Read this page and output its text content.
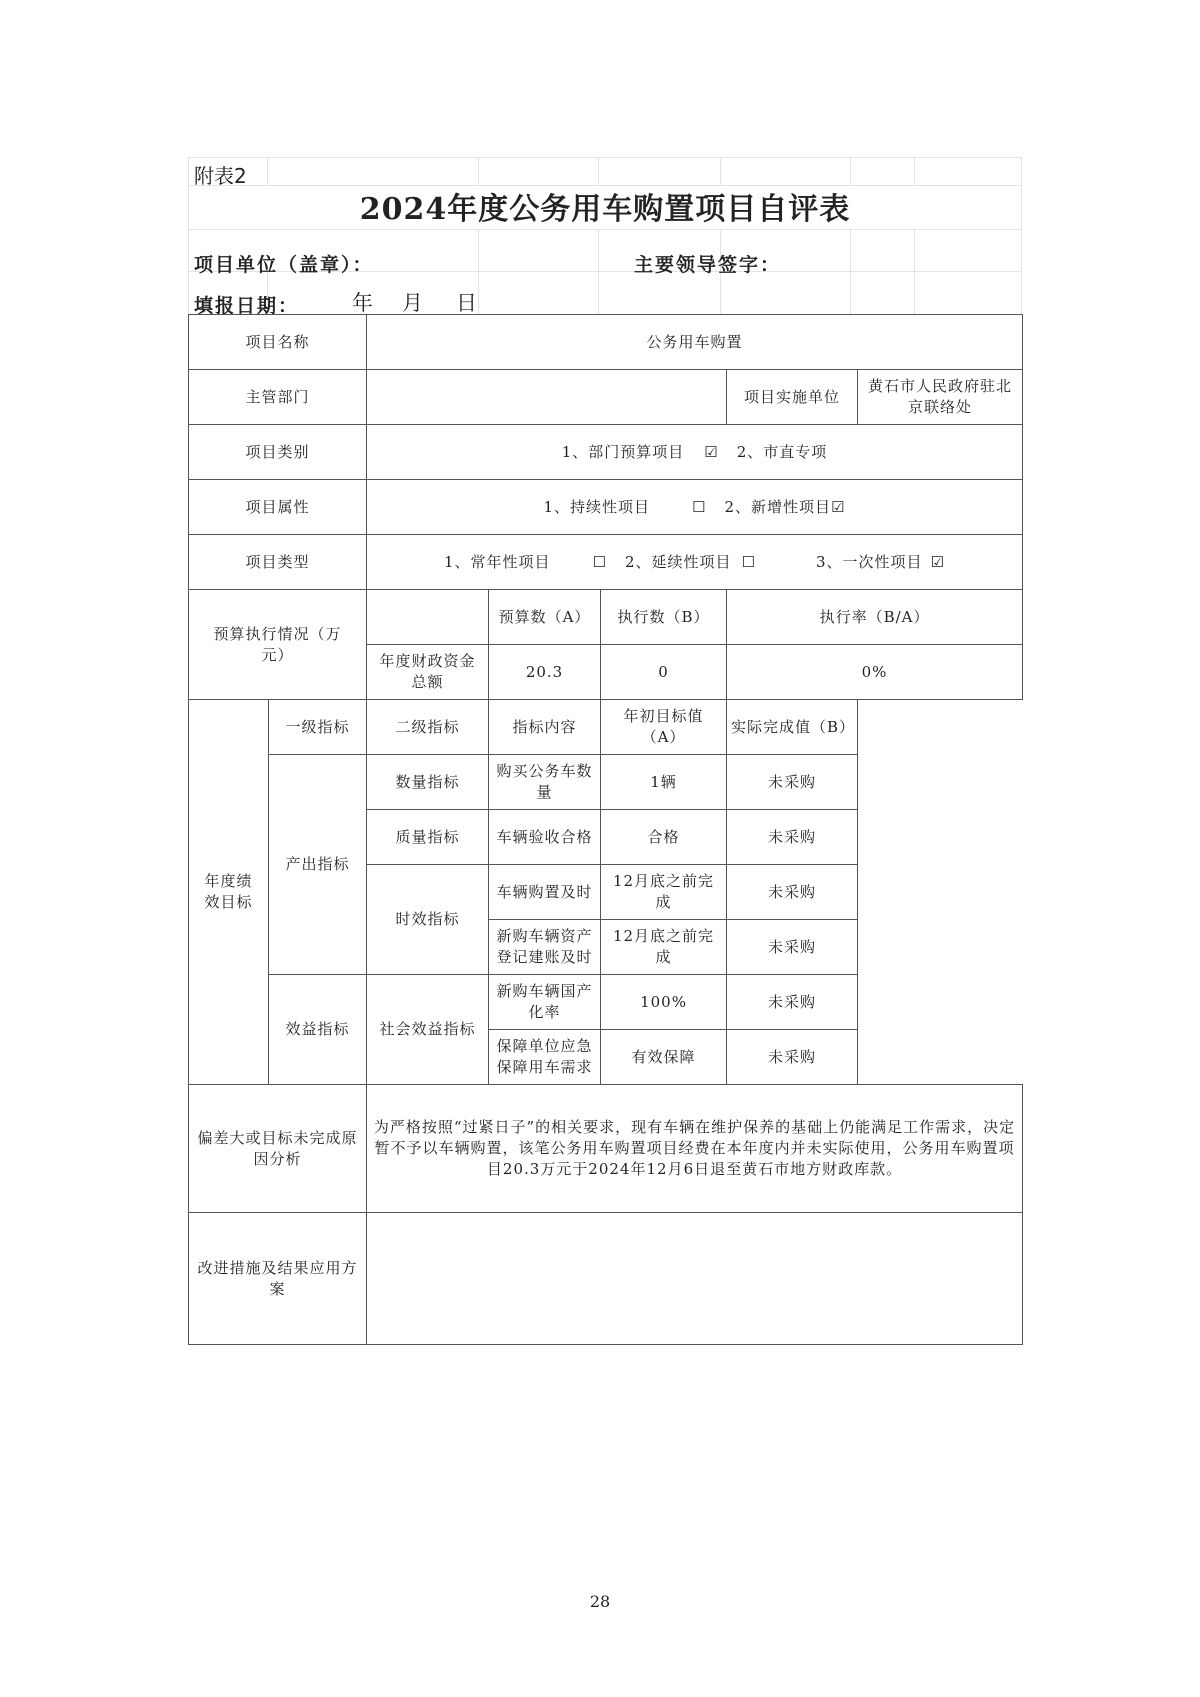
附表2
2024年度公务用车购置项目自评表
项目单位（盖章）：	主要领导签字：
填报日期：	年 月 日
项目名称		公务用车购置				
主管部门					项目实施单位	黄石市人民政府驻北京联络处
项目类别		1、部门预算项目 ☑ 2、市直专项				
项目属性		1、持续性项目 ☐ 2、新增性项目☑				
项目类型		1、常年性项目 ☐ 2、延续性项目 ☐ 3、一次性项目 ☑				
预算执行情况（万元）			预算数（A）	执行数（B）	执行率（B/A）	
		年度财政资金总额	20.3	0	0%	
年度绩效目标	一级指标	二级指标	指标内容	年初目标值（A）	实际完成值（B）	
	产出指标	数量指标	购买公务车数量	1辆	未采购	
		质量指标	车辆验收合格	合格	未采购	
		时效指标	车辆购置及时	12月底之前完成	未采购	
			新购车辆资产登记建账及时	12月底之前完成	未采购	
	效益指标	社会效益指标	新购车辆国产化率	100%	未采购	
			保障单位应急保障用车需求	有效保障	未采购	
偏差大或目标未完成原因分析		为严格按照“过紧日子”的相关要求，现有车辆在维护保养的基础上仍能满足工作需求，决定暂不予以车辆购置，该笔公务用车购置项目经费在本年度内并未实际使用，公务用车购置项目20.3万元于2024年12月6日退至黄石市地方财政库款。				
改进措施及结果应用方案						
28
